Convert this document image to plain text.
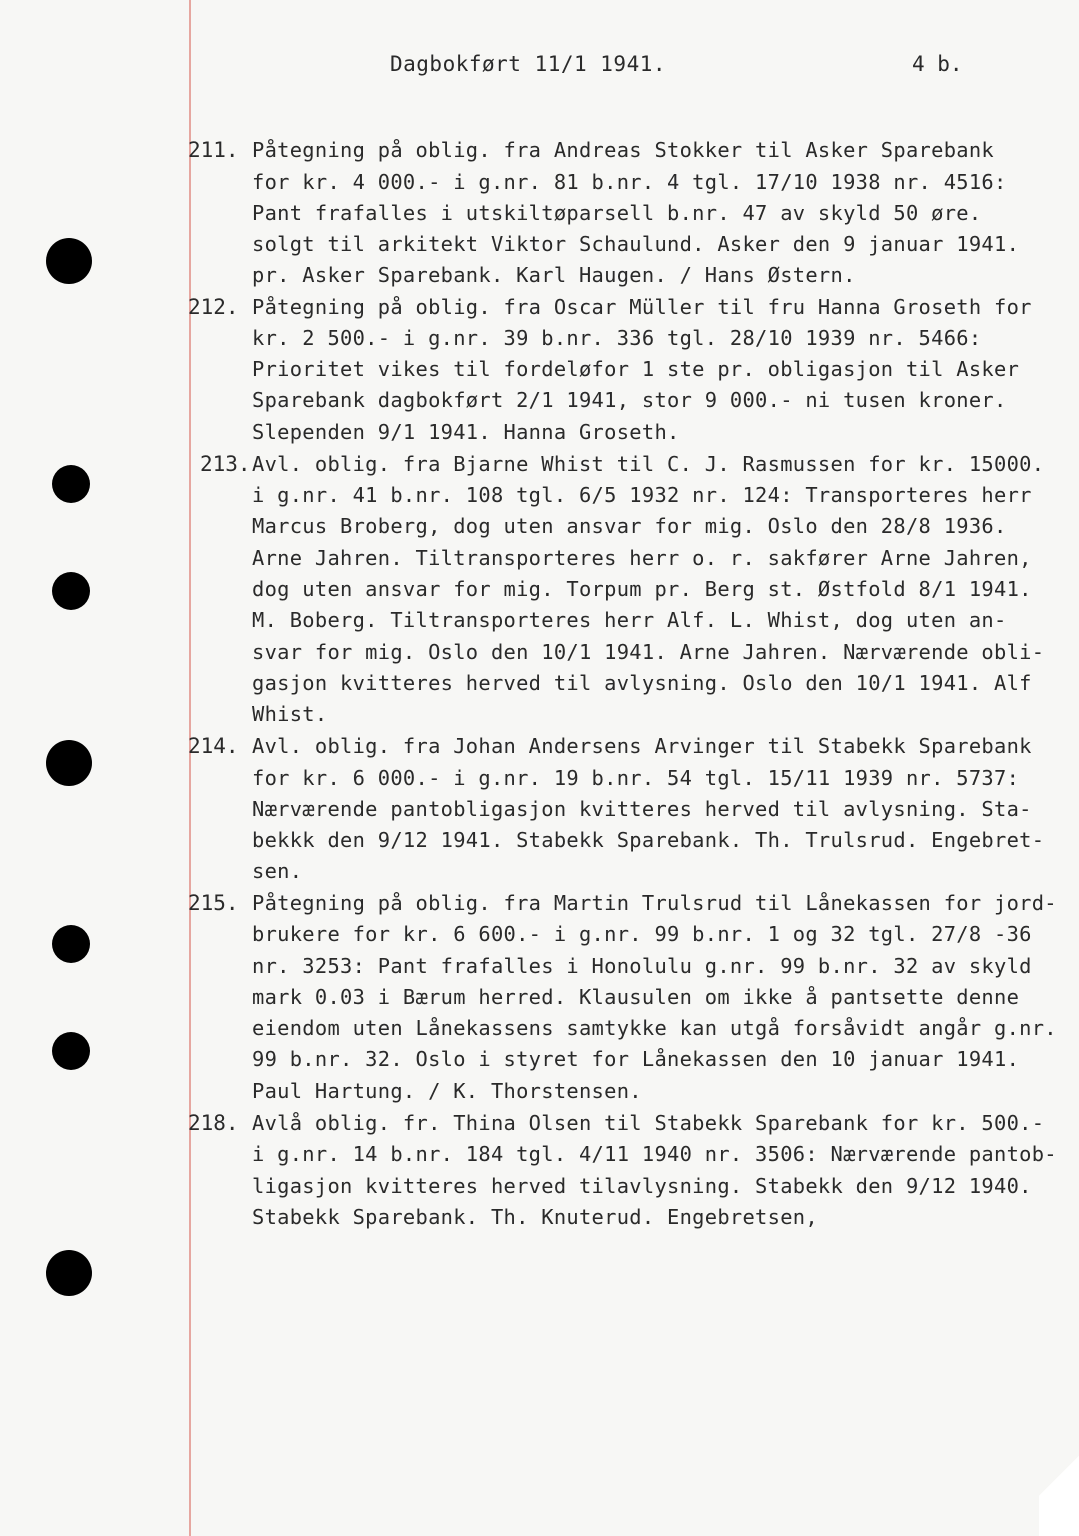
Dagbokført 11/1 1941.	4 b.
211. Påtegning på oblig. fra Andreas Stokker til Asker Sparebank
for kr. 4 000.- i g.nr. 81 b.nr. 4 tgl. 17/10 1938 nr. 4516:
Pant frafalles i utskiltøparsell b.nr. 47 av skyld 50 øre.
solgt til arkitekt Viktor Schaulund. Asker den 9 januar 1941.
pr. Asker Sparebank. Karl Haugen. / Hans Østern.
212. Påtegning på oblig. fra Oscar Müller til fru Hanna Groseth for
kr. 2 500.- i g.nr. 39 b.nr. 336 tgl. 28/10 1939 nr. 5466:
Prioritet vikes til fordeløfor 1 ste pr. obligasjon til Asker
Sparebank dagbokført 2/1 1941, stor 9 000.- ni tusen kroner.
Slependen 9/1 1941. Hanna Groseth.
213. Avl. oblig. fra Bjarne Whist til C. J. Rasmussen for kr. 15000.
i g.nr. 41 b.nr. 108 tgl. 6/5 1932 nr. 124: Transporteres herr
Marcus Broberg, dog uten ansvar for mig. Oslo den 28/8 1936.
Arne Jahren. Tiltransporteres herr o. r. sakfører Arne Jahren,
dog uten ansvar for mig. Torpum pr. Berg st. Østfold 8/1 1941.
M. Boberg. Tiltransporteres herr Alf. L. Whist, dog uten an-
svar for mig. Oslo den 10/1 1941. Arne Jahren. Nærværende obli-
gasjon kvitteres herved til avlysning. Oslo den 10/1 1941. Alf
Whist.
214. Avl. oblig. fra Johan Andersens Arvinger til Stabekk Sparebank
for kr. 6 000.- i g.nr. 19 b.nr. 54 tgl. 15/11 1939 nr. 5737:
Nærværende pantobligasjon kvitteres herved til avlysning. Sta-
bekkk den 9/12 1941. Stabekk Sparebank. Th. Trulsrud. Engebret-
sen.
215. Påtegning på oblig. fra Martin Trulsrud til Lånekassen for jord-
brukere for kr. 6 600.- i g.nr. 99 b.nr. 1 og 32 tgl. 27/8 -36
nr. 3253: Pant frafalles i Honolulu g.nr. 99 b.nr. 32 av skyld
mark 0.03 i Bærum herred. Klausulen om ikke å pantsette denne
eiendom uten Lånekassens samtykke kan utgå forsåvidt angår g.nr.
99 b.nr. 32. Oslo i styret for Lånekassen den 10 januar 1941.
Paul Hartung. / K. Thorstensen.
218. Avlå oblig. fr. Thina Olsen til Stabekk Sparebank for kr. 500.-
i g.nr. 14 b.nr. 184 tgl. 4/11 1940 nr. 3506: Nærværende pantob-
ligasjon kvitteres herved tilavlysning. Stabekk den 9/12 1940.
Stabekk Sparebank. Th. Knuterud. Engebretsen,
